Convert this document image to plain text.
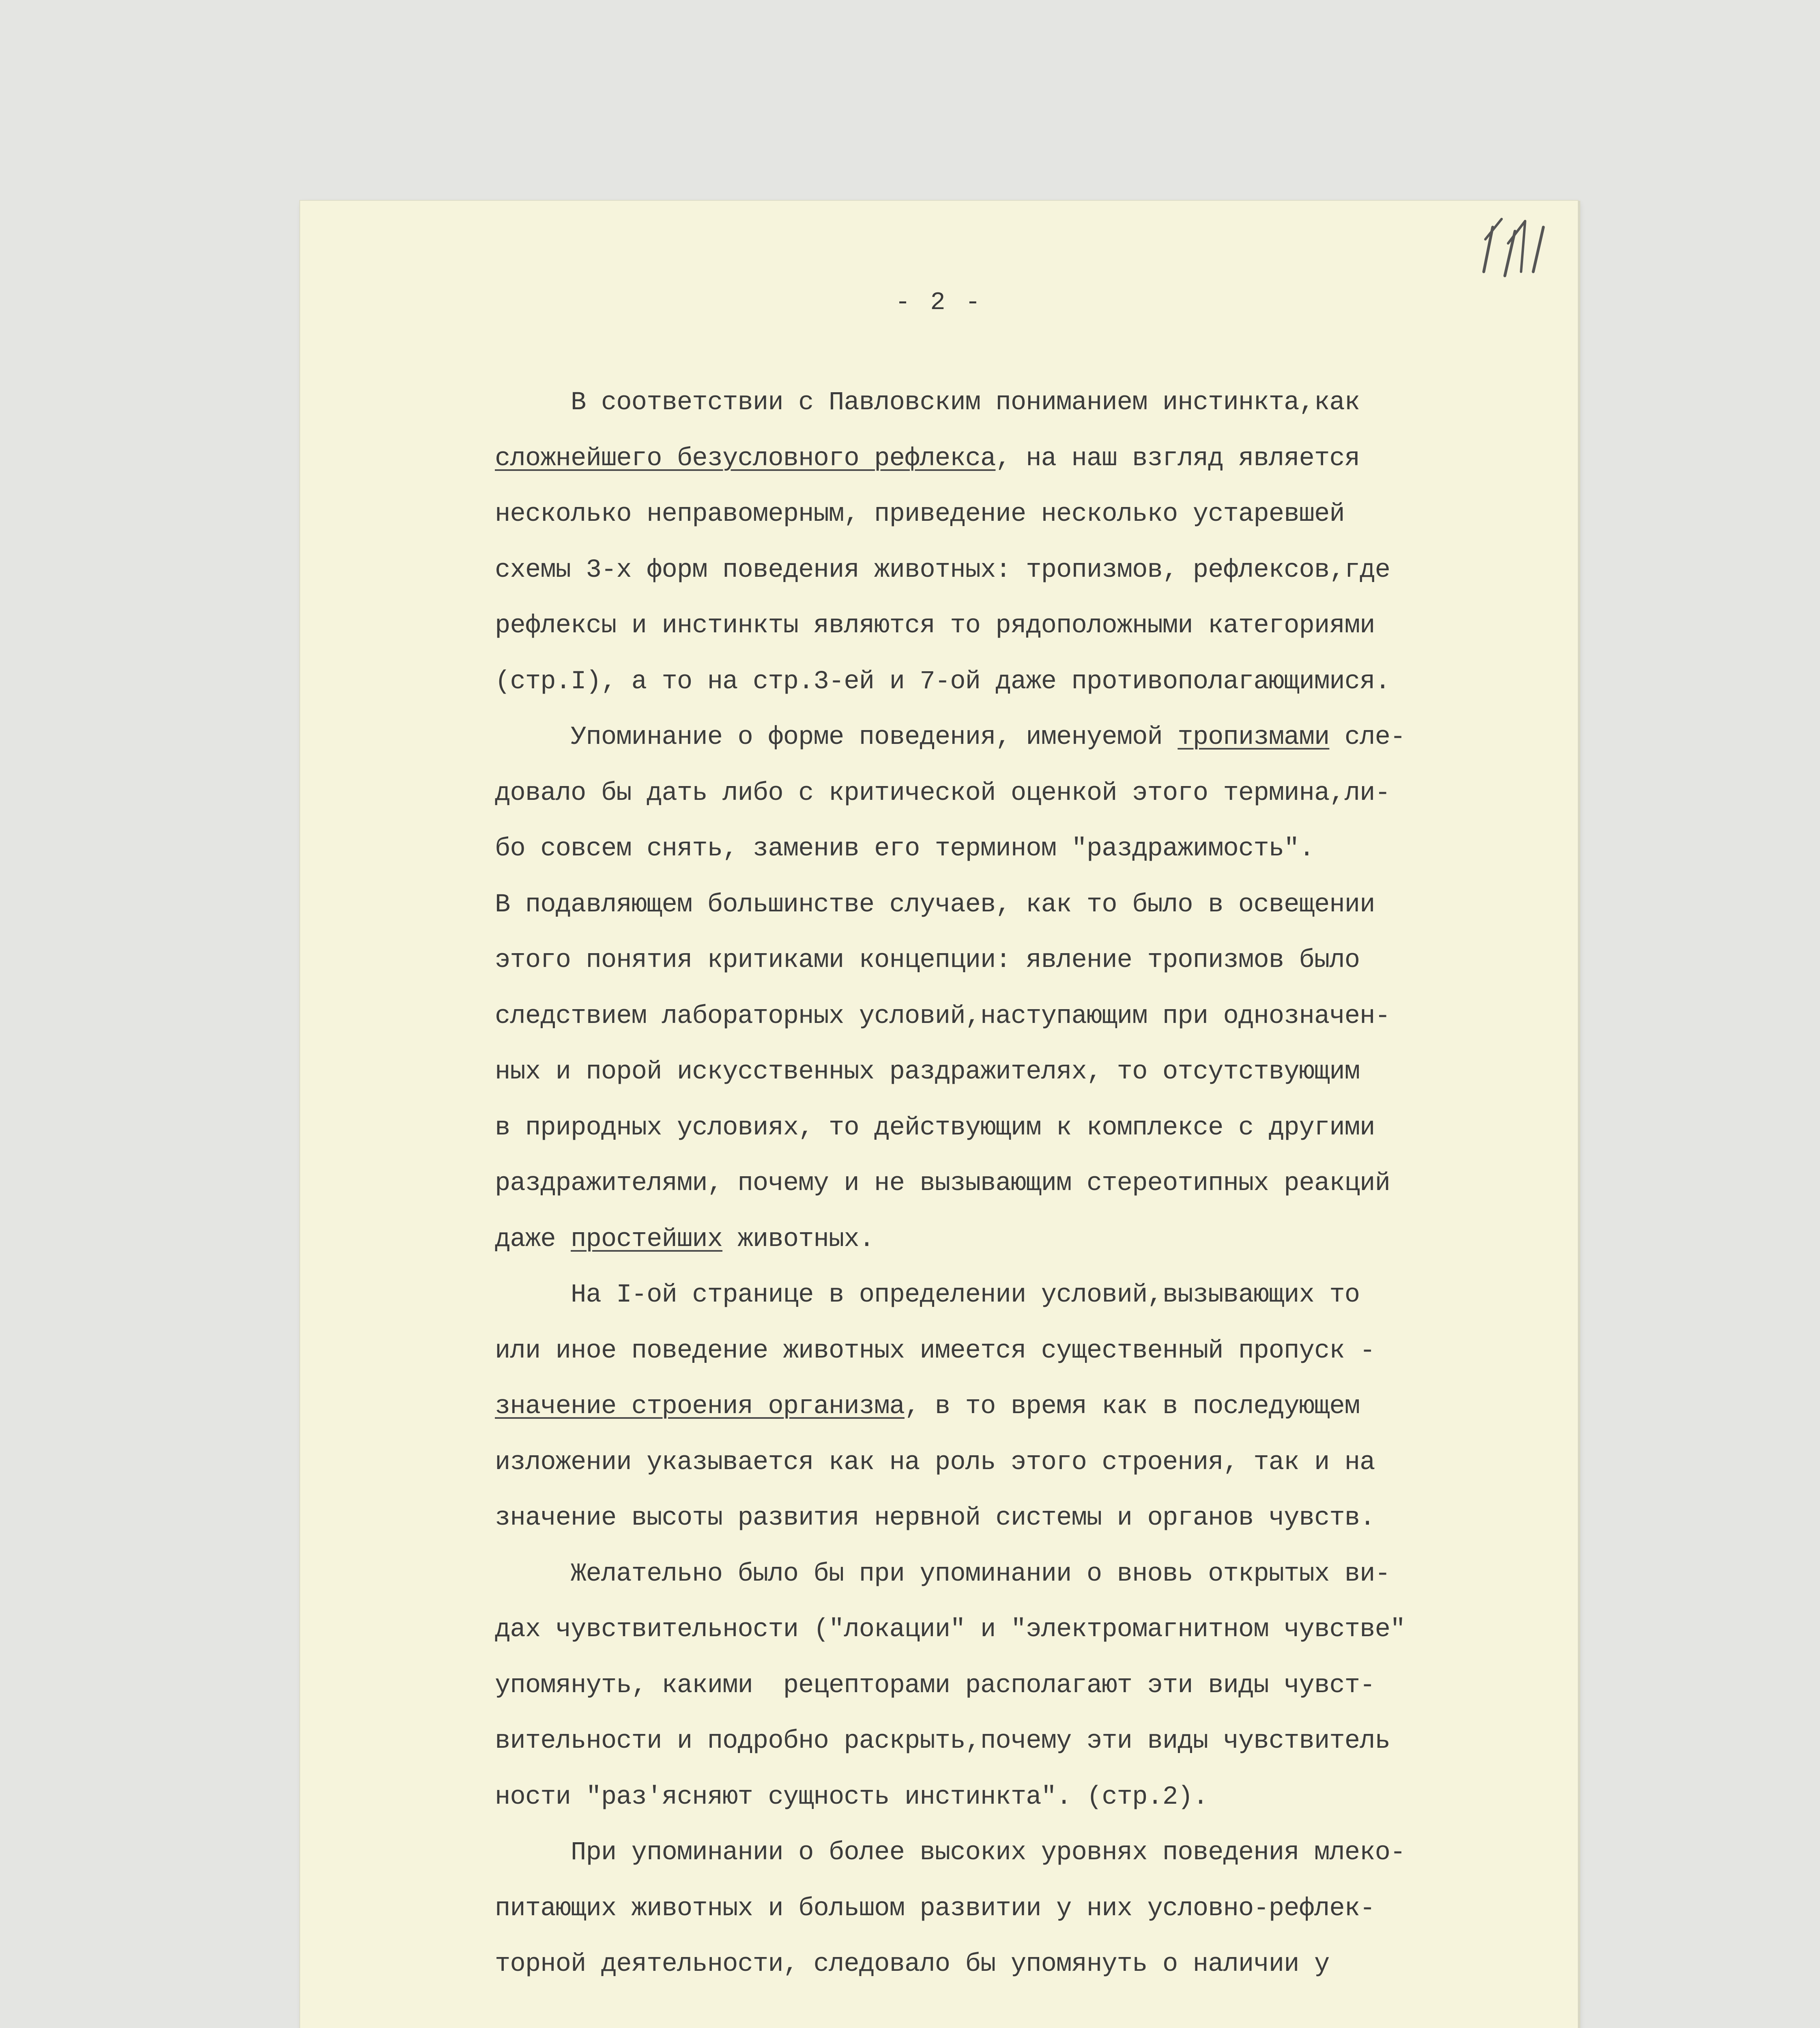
- 2 -
В соответствии с Павловским пониманием инстинкта,как
сложнейшего безусловного рефлекса, на наш взгляд является
несколько неправомерным, приведение несколько устаревшей
схемы 3-х форм поведения животных: тропизмов, рефлексов,где
рефлексы и инстинкты являются то рядоположными категориями
(стр.I), а то на стр.3-ей и 7-ой даже противополагающимися.
Упоминание о форме поведения, именуемой тропизмами сле-
довало бы дать либо с критической оценкой этого термина,ли-
бо совсем снять, заменив его термином "раздражимость".
В подавляющем большинстве случаев, как то было в освещении
этого понятия критиками концепции: явление тропизмов было
следствием лабораторных условий,наступающим при однозначен-
ных и порой искусственных раздражителях, то отсутствующим
в природных условиях, то действующим к комплексе с другими
раздражителями, почему и не вызывающим стереотипных реакций
даже простейших животных.
На I-ой странице в определении условий,вызывающих то
или иное поведение животных имеется существенный пропуск -
значение строения организма, в то время как в последующем
изложении указывается как на роль этого строения, так и на
значение высоты развития нервной системы и органов чувств.
Желательно было бы при упоминании о вновь открытых ви-
дах чувствительности ("локации" и "электромагнитном чувстве"
упомянуть, какими  рецепторами располагают эти виды чувст-
вительности и подробно раскрыть,почему эти виды чувствитель
ности "раз'ясняют сущность инстинкта". (стр.2).
При упоминании о более высоких уровнях поведения млеко-
питающих животных и большом развитии у них условно-рефлек-
торной деятельности, следовало бы упомянуть о наличии у
